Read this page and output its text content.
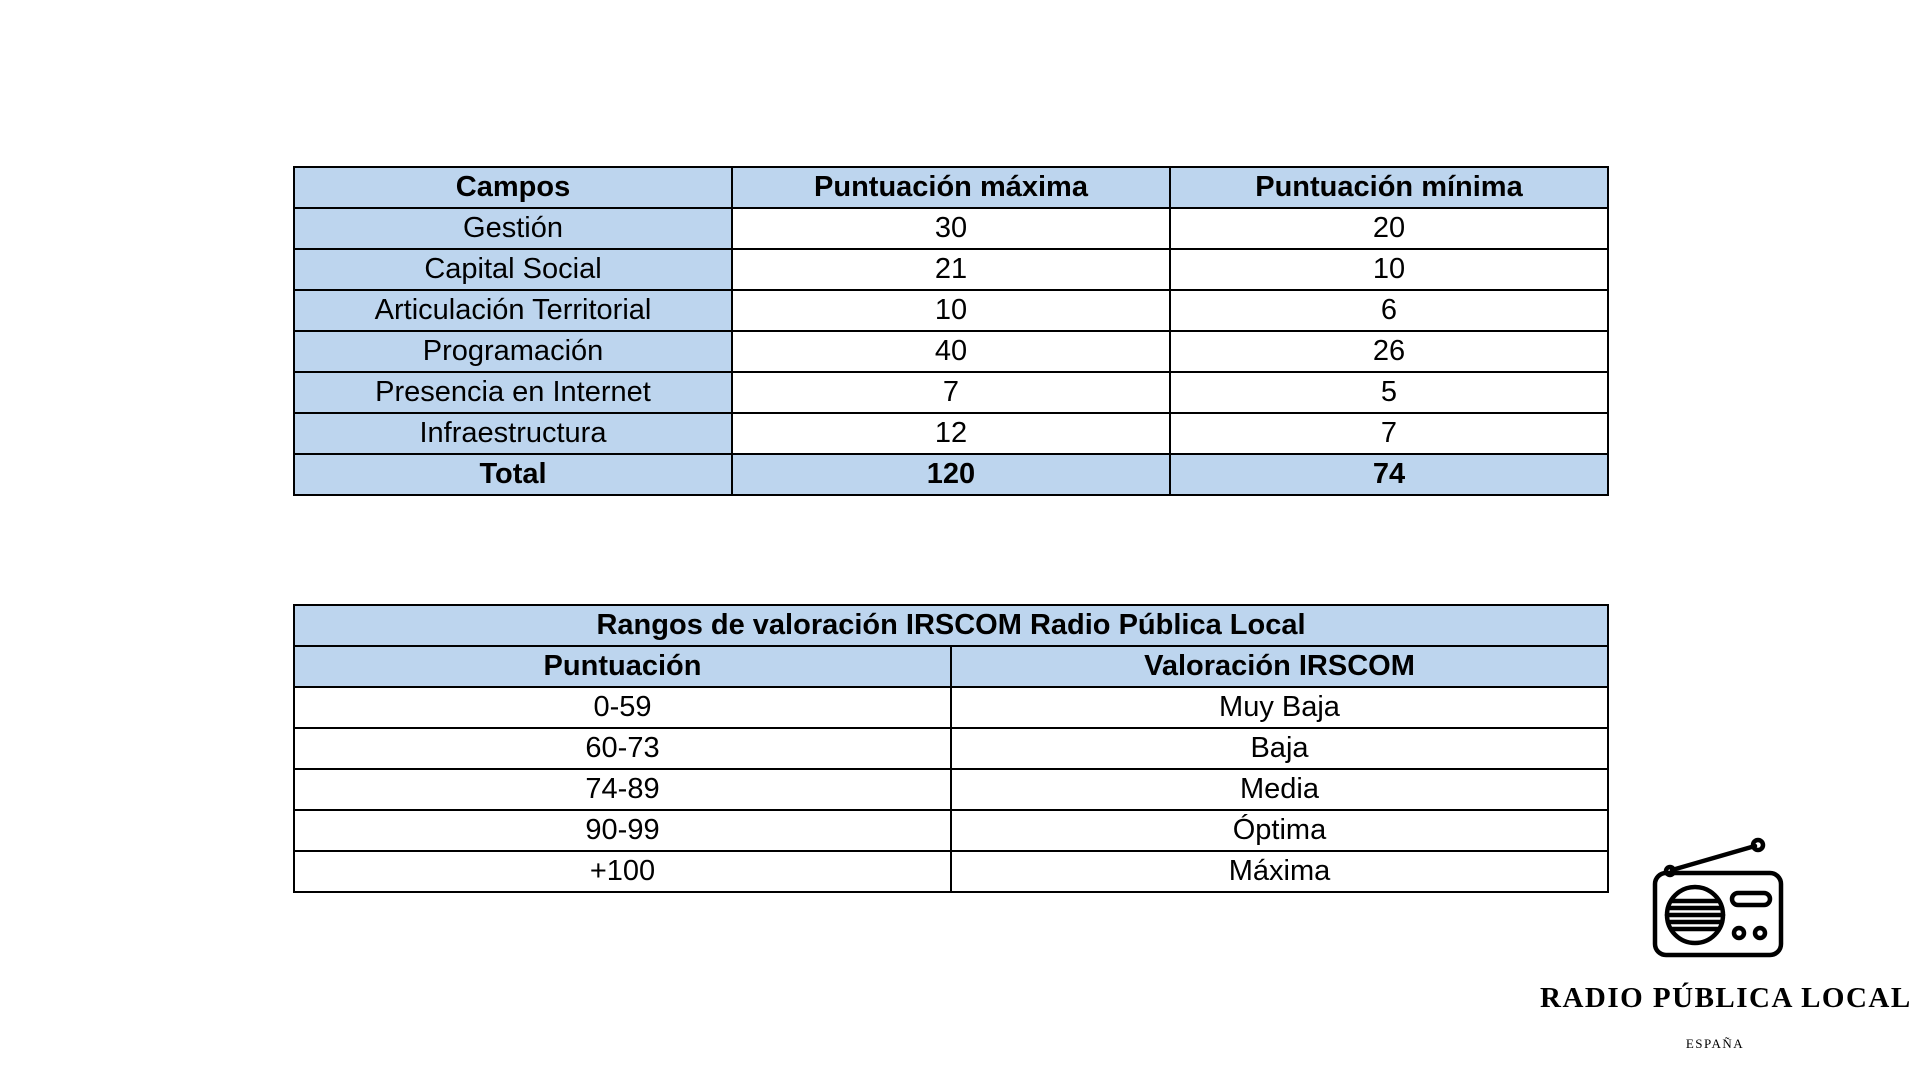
Campos	Puntuación máxima	Puntuación mínima
Gestión	30	20
Capital Social	21	10
Articulación Territorial	10	6
Programación	40	26
Presencia en Internet	7	5
Infraestructura	12	7
Total	120	74
Rangos de valoración IRSCOM Radio Pública Local	
Puntuación	Valoración IRSCOM
0-59	Muy Baja
60-73	Baja
74-89	Media
90-99	Óptima
+100	Máxima
RADIO PÚBLICA LOCAL
ESPAÑA
